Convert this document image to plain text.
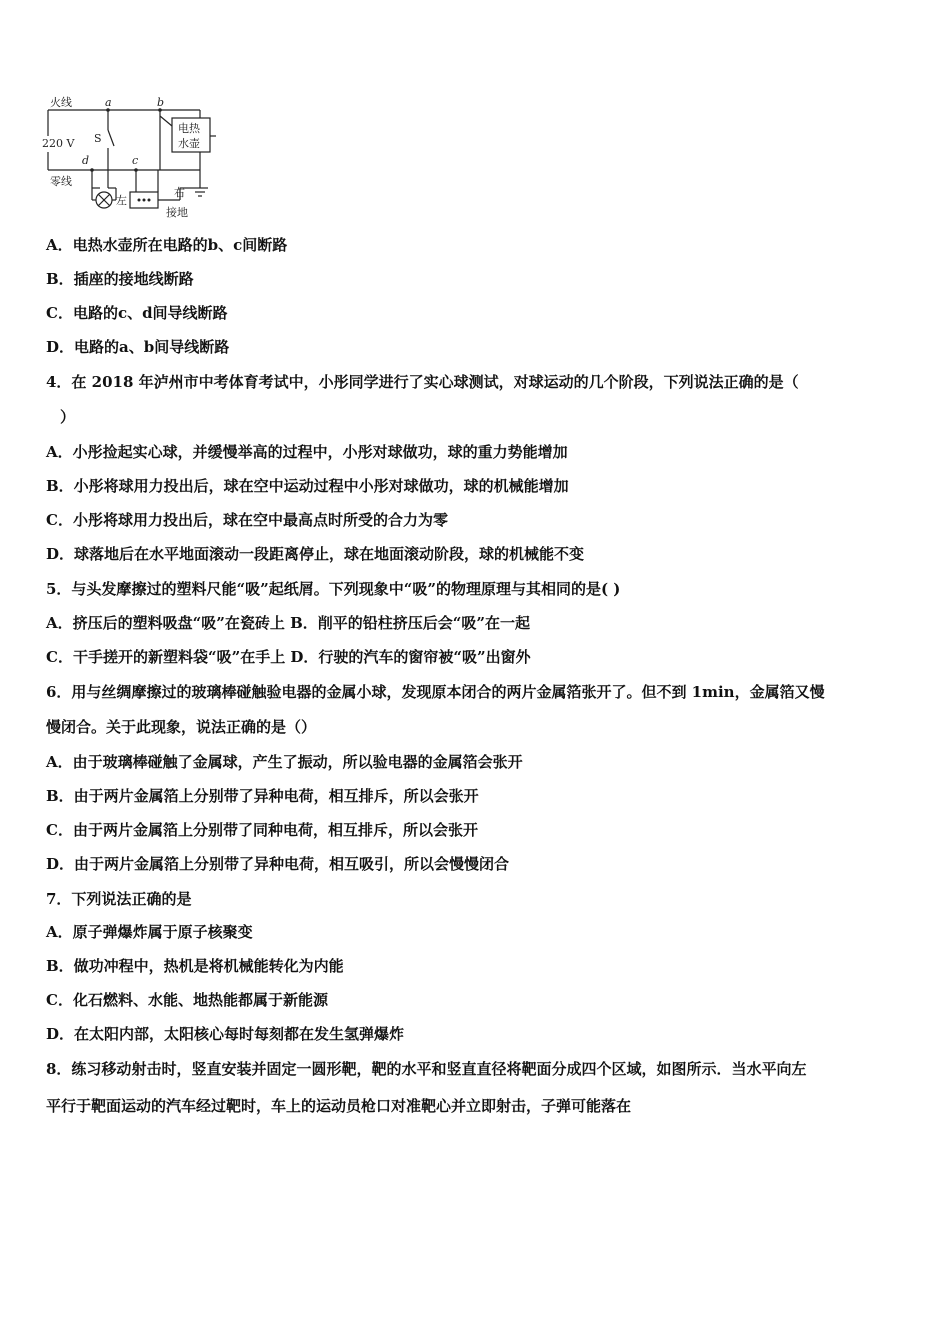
火线	a	b
220 V S
d	c
电热
水壶
零线
左
右
接地
A．电热水壶所在电路的b、c间断路
B．插座的接地线断路
C．电路的c、d间导线断路
D．电路的a、b间导线断路
4．在 2018 年泸州市中考体育考试中，小彤同学进行了实心球测试，对球运动的几个阶段，下列说法正确的是（
）
A．小彤捡起实心球，并缓慢举高的过程中，小彤对球做功，球的重力势能增加
B．小彤将球用力投出后，球在空中运动过程中小彤对球做功，球的机械能增加
C．小彤将球用力投出后，球在空中最高点时所受的合力为零
D．球落地后在水平地面滚动一段距离停止，球在地面滚动阶段，球的机械能不变
5．与头发摩擦过的塑料尺能“吸”起纸屑。下列现象中“吸”的物理原理与其相同的是( )
A．挤压后的塑料吸盘“吸”在瓷砖上 B．削平的铅柱挤压后会“吸”在一起
C．干手搓开的新塑料袋“吸”在手上 D．行驶的汽车的窗帘被“吸”出窗外
6．用与丝绸摩擦过的玻璃棒碰触验电器的金属小球，发现原本闭合的两片金属箔张开了。但不到 1min，金属箔又慢
慢闭合。关于此现象，说法正确的是（）
A．由于玻璃棒碰触了金属球，产生了振动，所以验电器的金属箔会张开
B．由于两片金属箔上分别带了异种电荷，相互排斥，所以会张开
C．由于两片金属箔上分别带了同种电荷，相互排斥，所以会张开
D．由于两片金属箔上分别带了异种电荷，相互吸引，所以会慢慢闭合
7．下列说法正确的是
A．原子弹爆炸属于原子核聚变
B．做功冲程中，热机是将机械能转化为内能
C．化石燃料、水能、地热能都属于新能源
D．在太阳内部，太阳核心每时每刻都在发生氢弹爆炸
8．练习移动射击时，竖直安装并固定一圆形靶，靶的水平和竖直直径将靶面分成四个区域，如图所示．当水平向左
平行于靶面运动的汽车经过靶时，车上的运动员枪口对准靶心并立即射击，子弹可能落在
